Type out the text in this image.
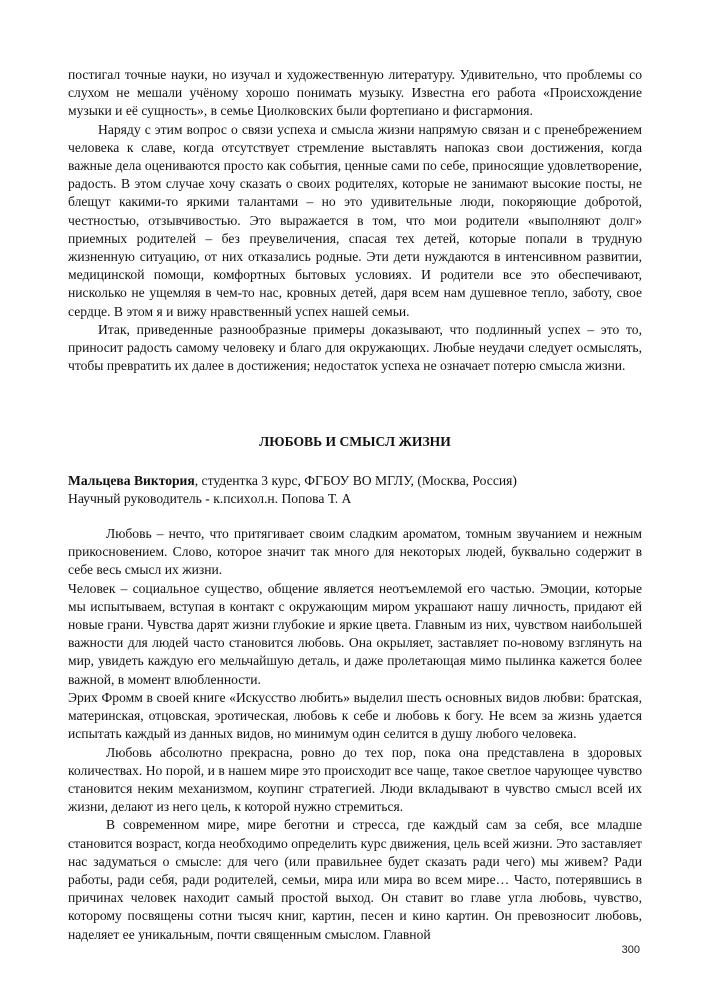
постигал точные науки, но изучал и художественную литературу. Удивительно, что проблемы со слухом не мешали учёному хорошо понимать музыку. Известна его работа «Происхождение музыки и её сущность», в семье Циолковских были фортепиано и фисгармония.

Наряду с этим вопрос о связи успеха и смысла жизни напрямую связан и с пренебрежением человека к славе, когда отсутствует стремление выставлять напоказ свои достижения, когда важные дела оцениваются просто как события, ценные сами по себе, приносящие удовлетворение, радость. В этом случае хочу сказать о своих родителях, которые не занимают высокие посты, не блещут какими-то яркими талантами – но это удивительные люди, покоряющие добротой, честностью, отзывчивостью. Это выражается в том, что мои родители «выполняют долг» приемных родителей – без преувеличения, спасая тех детей, которые попали в трудную жизненную ситуацию, от них отказались родные. Эти дети нуждаются в интенсивном развитии, медицинской помощи, комфортных бытовых условиях. И родители все это обеспечивают, нисколько не ущемляя в чем-то нас, кровных детей, даря всем нам душевное тепло, заботу, свое сердце. В этом я и вижу нравственный успех нашей семьи.

Итак, приведенные разнообразные примеры доказывают, что подлинный успех – это то, приносит радость самому человеку и благо для окружающих. Любые неудачи следует осмыслять, чтобы превратить их далее в достижения; недостаток успеха не означает потерю смысла жизни.

ЛЮБОВЬ И СМЫСЛ ЖИЗНИ

Мальцева Виктория, студентка 3 курс, ФГБОУ ВО МГЛУ, (Москва, Россия)

Научный руководитель - к.псиxол.н. Попова Т. А

Любовь – нечто, что притягивает своим сладким ароматом, томным звучанием и нежным прикосновением. Слово, которое значит так много для некоторых людей, буквально содержит в себе весь смысл их жизни.

Человек – социальное существо, общение является неотъемлемой его частью. Эмоции, которые мы испытываем, вступая в контакт с окружающим миром украшают нашу личность, придают ей новые грани. Чувства дарят жизни глубокие и яркие цвета. Главным из них, чувством наибольшей важности для людей часто становится любовь. Она окрыляет, заставляет по-новому взглянуть на мир, увидеть каждую его мельчайшую деталь, и даже пролетающая мимо пылинка кажется более важной, в момент влюбленности.

Эрих Фромм в своей книге «Искусство любить» выделил шесть основных видов любви: братская, материнская, отцовская, эротическая, любовь к себе и любовь к богу. Не всем за жизнь удается испытать каждый из данных видов, но минимум один селится в душу любого человека.

Любовь абсолютно прекрасна, ровно до тех пор, пока она представлена в здоровых количествах. Но порой, и в нашем мире это происходит все чаще, такое светлое чарующее чувство становится неким механизмом, коупинг стратегией. Люди вкладывают в чувство смысл всей их жизни, делают из него цель, к которой нужно стремиться.

В современном мире, мире беготни и стресса, где каждый сам за себя, все младше становится возраст, когда необходимо определить курс движения, цель всей жизни. Это заставляет нас задуматься о смысле: для чего (или правильнее будет сказать ради чего) мы живем? Ради работы, ради себя, ради родителей, семьи, мира или мира во всем мире… Часто, потерявшись в причинах человек находит самый простой выход. Он ставит во главе угла любовь, чувство, которому посвящены сотни тысяч книг, картин, песен и кино картин. Он превозносит любовь, наделяет ее уникальным, почти священным смыслом. Главной

300
